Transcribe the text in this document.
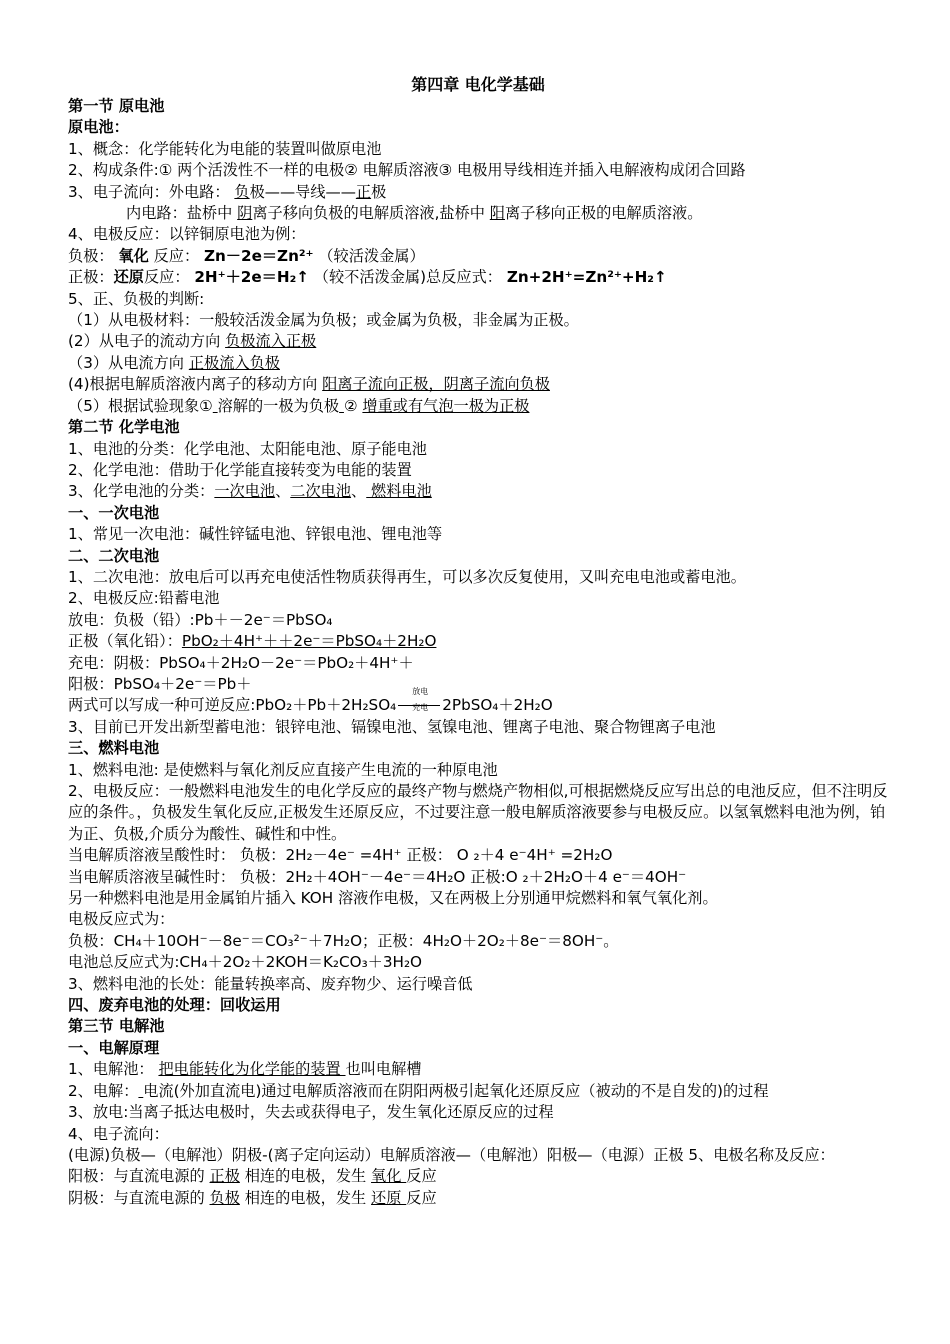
第四章 电化学基础
第一节 原电池
原电池：
1、概念：化学能转化为电能的装置叫做原电池
2、构成条件:① 两个活泼性不一样的电极② 电解质溶液③ 电极用导线相连并插入电解液构成闭合回路
3、电子流向：外电路： 负极——导线——正极
内电路：盐桥中 阴离子移向负极的电解质溶液,盐桥中 阳离子移向正极的电解质溶液。
4、电极反应：以锌铜原电池为例：
负极： 氧化 反应： Zn－2e＝Zn²⁺ （较活泼金属）
正极：还原反应： 2H⁺＋2e＝H₂↑ （较不活泼金属)总反应式： Zn+2H⁺=Zn²⁺+H₂↑
5、正、负极的判断:
（1）从电极材料：一般较活泼金属为负极；或金属为负极，非金属为正极。
(2）从电子的流动方向 负极流入正极
（3）从电流方向 正极流入负极
(4)根据电解质溶液内离子的移动方向 阳离子流向正极，阴离子流向负极
（5）根据试验现象① 溶解的一极为负极 ② 增重或有气泡一极为正极
第二节 化学电池
1、电池的分类：化学电池、太阳能电池、原子能电池
2、化学电池：借助于化学能直接转变为电能的装置
3、化学电池的分类：一次电池、二次电池、 燃料电池
一、一次电池
1、常见一次电池：碱性锌锰电池、锌银电池、锂电池等
二、二次电池
1、二次电池：放电后可以再充电使活性物质获得再生，可以多次反复使用，又叫充电电池或蓄电池。
2、电极反应:铅蓄电池
放电：负极（铅）:Pb＋－2e⁻＝PbSO₄
正极（氧化铅）：PbO₂＋4H⁺＋＋2e⁻＝PbSO₄＋2H₂O
充电：阴极：PbSO₄＋2H₂O－2e⁻＝PbO₂＋4H⁺＋
阳极：PbSO₄＋2e⁻＝Pb＋
两式可以写成一种可逆反应:PbO₂＋Pb＋2H₂SO₄
放电
充电 2PbSO₄＋2H₂O
3、目前已开发出新型蓄电池：银锌电池、镉镍电池、氢镍电池、锂离子电池、聚合物锂离子电池
三、燃料电池
1、燃料电池: 是使燃料与氧化剂反应直接产生电流的一种原电池
2、电极反应：一般燃料电池发生的电化学反应的最终产物与燃烧产物相似,可根据燃烧反应写出总的电池反应，但不注明反应的条件。，负极发生氧化反应,正极发生还原反应，不过要注意一般电解质溶液要参与电极反应。以氢氧燃料电池为例，铂为正、负极,介质分为酸性、碱性和中性。
当电解质溶液呈酸性时： 负极：2H₂－4e⁻ =4H⁺ 正极： O ₂＋4 e⁻4H⁺ =2H₂O
当电解质溶液呈碱性时： 负极：2H₂＋4OH⁻－4e⁻＝4H₂O 正极:O ₂＋2H₂O＋4 e⁻＝4OH⁻
另一种燃料电池是用金属铂片插入 KOH 溶液作电极，又在两极上分别通甲烷燃料和氧气氧化剂。
电极反应式为：
负极：CH₄＋10OH⁻－8e⁻＝CO₃²⁻＋7H₂O；正极：4H₂O＋2O₂＋8e⁻＝8OH⁻。
电池总反应式为:CH₄＋2O₂＋2KOH＝K₂CO₃＋3H₂O
3、燃料电池的长处：能量转换率高、废弃物少、运行噪音低
四、废弃电池的处理：回收运用
第三节 电解池
一、电解原理
1、电解池： 把电能转化为化学能的装置 也叫电解槽
2、电解： 电流(外加直流电)通过电解质溶液而在阴阳两极引起氧化还原反应（被动的不是自发的)的过程
3、放电:当离子抵达电极时，失去或获得电子，发生氧化还原反应的过程
4、电子流向：
(电源)负极—（电解池）阴极-(离子定向运动）电解质溶液—（电解池）阳极—（电源）正极 5、电极名称及反应：
阳极：与直流电源的 正极 相连的电极，发生 氧化 反应
阴极：与直流电源的 负极 相连的电极，发生 还原 反应
